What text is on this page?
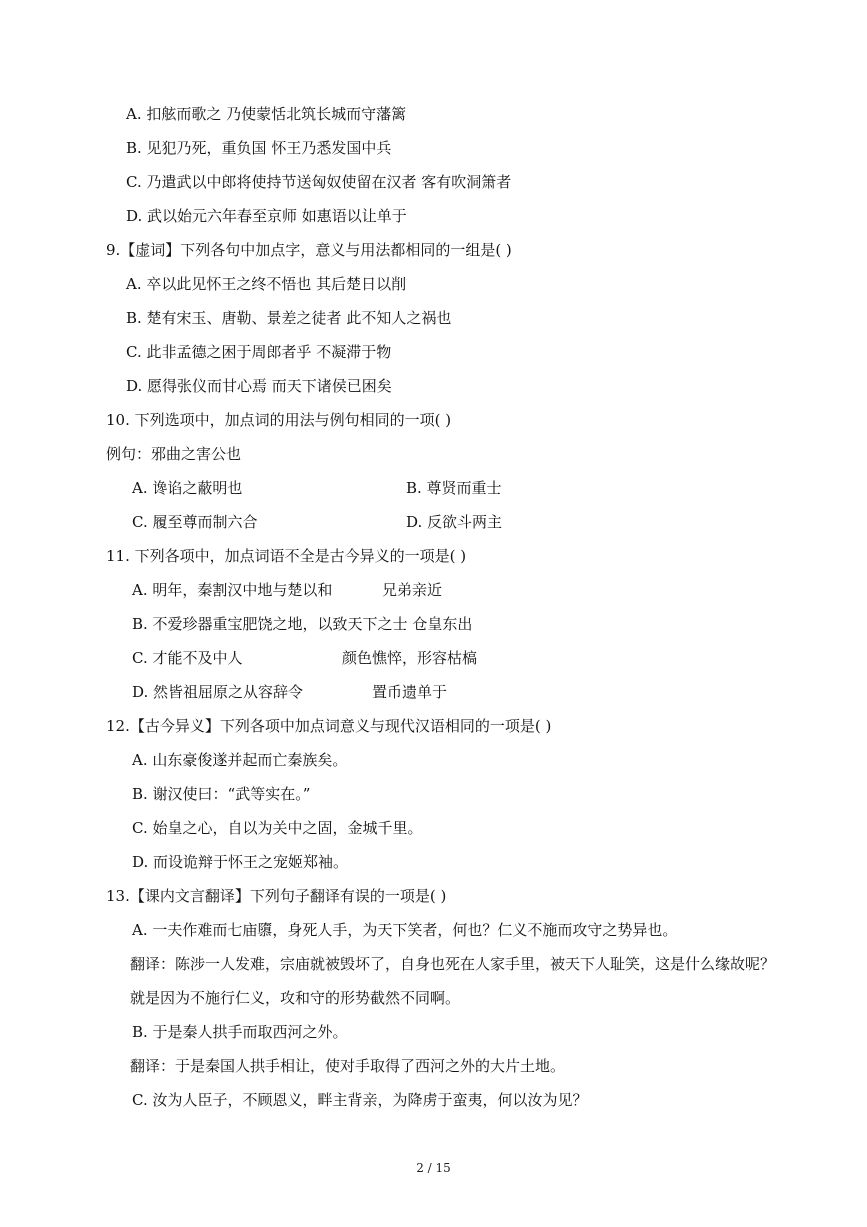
A. 扣舷而歌之 乃使蒙恬北筑长城而守藩篱
B. 见犯乃死，重负国 怀王乃悉发国中兵
C. 乃遣武以中郎将使持节送匈奴使留在汉者 客有吹洞箫者
D. 武以始元六年春至京师 如惠语以让单于
9.【虚词】下列各句中加点字，意义与用法都相同的一组是( )
A. 卒以此见怀王之终不悟也 其后楚日以削
B. 楚有宋玉、唐勒、景差之徒者 此不知人之祸也
C. 此非孟德之困于周郎者乎 不凝滞于物
D. 愿得张仪而甘心焉 而天下诸侯已困矣
10. 下列选项中，加点词的用法与例句相同的一项( )
例句：邪曲之害公也
A. 谗谄之蔽明也	B. 尊贤而重士
C. 履至尊而制六合	D. 反欲斗两主
11. 下列各项中，加点词语不全是古今异义的一项是( )
A. 明年，秦割汉中地与楚以和	兄弟亲近
B. 不爱珍器重宝肥饶之地，以致天下之士 仓皇东出
C. 才能不及中人	颜色憔悴，形容枯槁
D. 然皆祖屈原之从容辞令	置币遗单于
12.【古今异义】下列各项中加点词意义与现代汉语相同的一项是( )
A. 山东豪俊遂并起而亡秦族矣。
B. 谢汉使曰：“武等实在。”
C. 始皇之心，自以为关中之固，金城千里。
D. 而设诡辩于怀王之宠姬郑袖。
13.【课内文言翻译】下列句子翻译有误的一项是( )
A. 一夫作难而七庙隳，身死人手，为天下笑者，何也？仁义不施而攻守之势异也。
翻译：陈涉一人发难，宗庙就被毁坏了，自身也死在人家手里，被天下人耻笑，这是什么缘故呢？
就是因为不施行仁义，攻和守的形势截然不同啊。
B. 于是秦人拱手而取西河之外。
翻译：于是秦国人拱手相让，使对手取得了西河之外的大片土地。
C. 汝为人臣子，不顾恩义，畔主背亲，为降虏于蛮夷，何以汝为见？
2 / 15
